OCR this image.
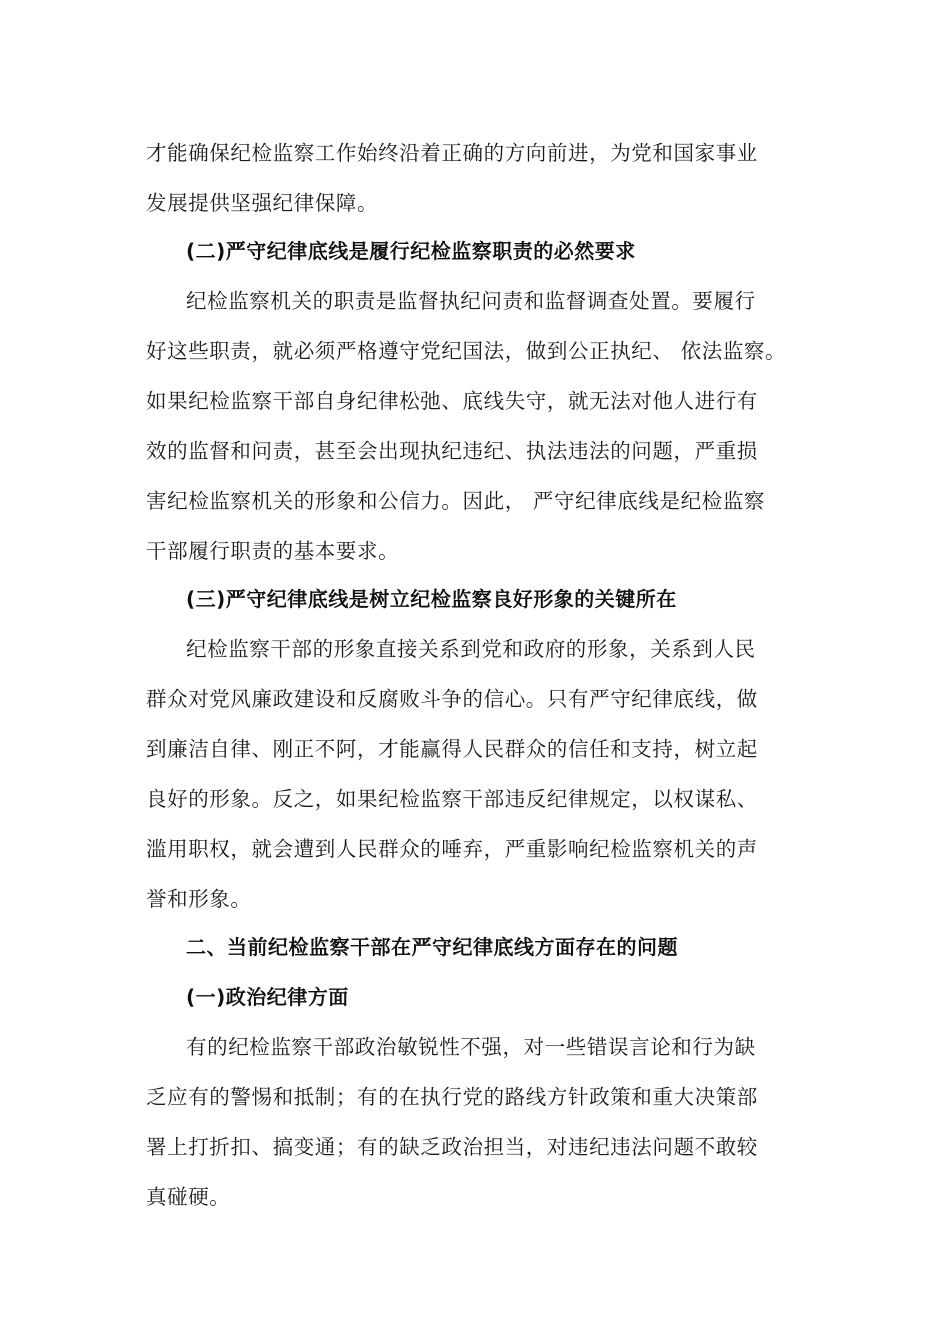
才能确保纪检监察工作始终沿着正确的方向前进，为党和国家事业

发展提供坚强纪律保障。

(二)严守纪律底线是履行纪检监察职责的必然要求

纪检监察机关的职责是监督执纪问责和监督调查处置。要履行

好这些职责，就必须严格遵守党纪国法，做到公正执纪、 依法监察。

如果纪检监察干部自身纪律松弛、底线失守，就无法对他人进行有

效的监督和问责，甚至会出现执纪违纪、执法违法的问题，严重损

害纪检监察机关的形象和公信力。因此， 严守纪律底线是纪检监察

干部履行职责的基本要求。

(三)严守纪律底线是树立纪检监察良好形象的关键所在

纪检监察干部的形象直接关系到党和政府的形象，关系到人民

群众对党风廉政建设和反腐败斗争的信心。只有严守纪律底线，做

到廉洁自律、刚正不阿，才能赢得人民群众的信任和支持，树立起

良好的形象。反之，如果纪检监察干部违反纪律规定，以权谋私、

滥用职权，就会遭到人民群众的唾弃，严重影响纪检监察机关的声

誉和形象。

二、当前纪检监察干部在严守纪律底线方面存在的问题
(一)政治纪律方面

有的纪检监察干部政治敏锐性不强，对一些错误言论和行为缺

乏应有的警惕和抵制；有的在执行党的路线方针政策和重大决策部

署上打折扣、搞变通；有的缺乏政治担当，对违纪违法问题不敢较

真碰硬。
